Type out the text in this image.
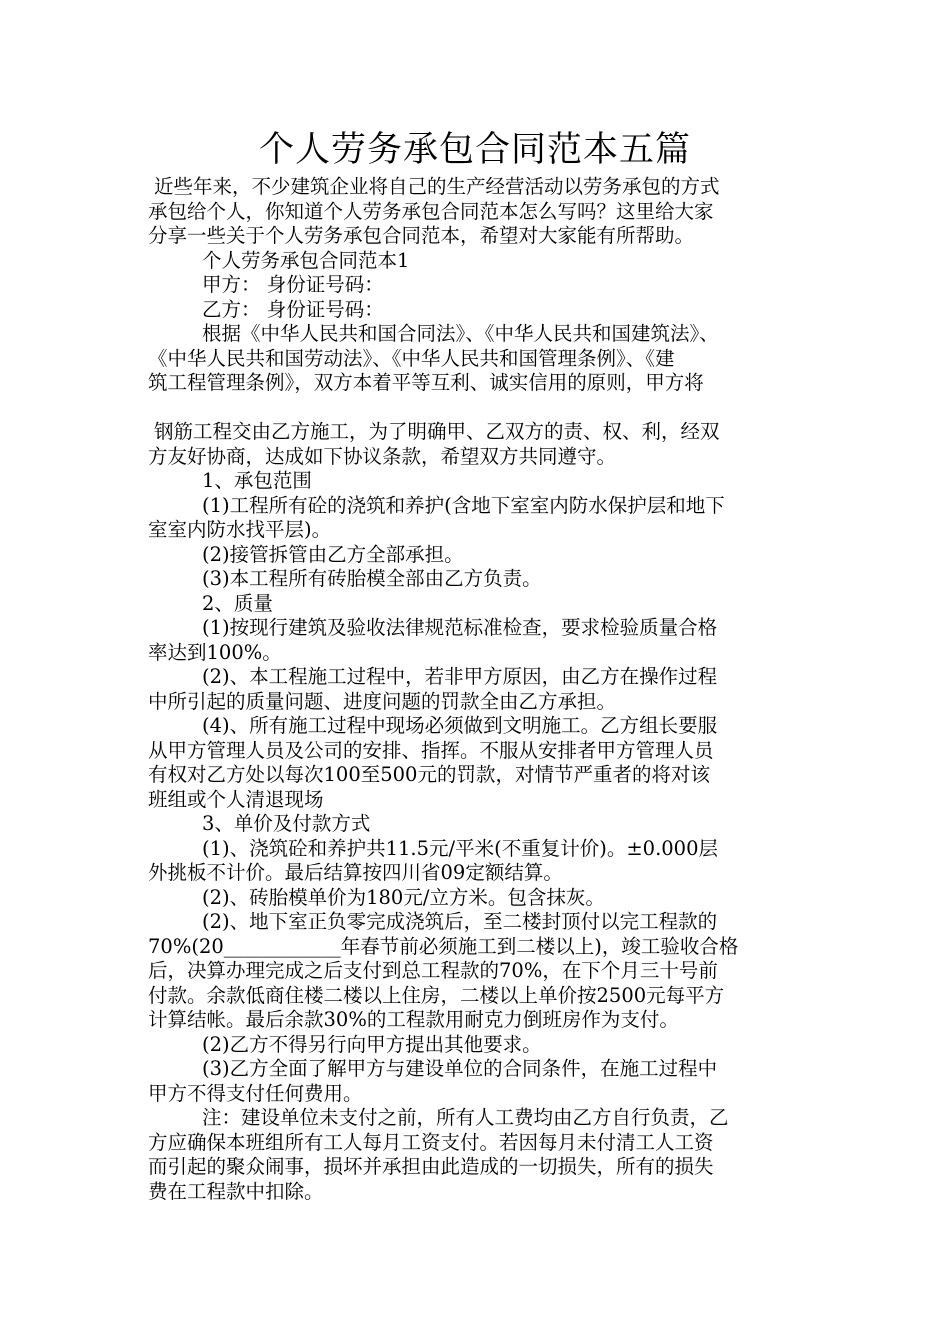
个人劳务承包合同范本五篇

近些年来，不少建筑企业将自己的生产经营活动以劳务承包的方式

承包给个人，你知道个人劳务承包合同范本怎么写吗？这里给大家

分享一些关于个人劳务承包合同范本，希望对大家能有所帮助。

个人劳务承包合同范本1

甲方： 身份证号码：

乙方： 身份证号码：

根据《中华人民共和国合同法》、《中华人民共和国建筑法》、

《中华人民共和国劳动法》、《中华人民共和国管理条例》、《建

筑工程管理条例》，双方本着平等互利、诚实信用的原则，甲方将

钢筋工程交由乙方施工，为了明确甲、乙双方的责、权、利，经双

方友好协商，达成如下协议条款，希望双方共同遵守。

1、承包范围

(1)工程所有砼的浇筑和养护(含地下室室内防水保护层和地下

室室内防水找平层)。

(2)接管拆管由乙方全部承担。

(3)本工程所有砖胎模全部由乙方负责。

2、质量

(1)按现行建筑及验收法律规范标准检查，要求检验质量合格

率达到100%。

(2)、本工程施工过程中，若非甲方原因，由乙方在操作过程

中所引起的质量问题、进度问题的罚款全由乙方承担。

(4)、所有施工过程中现场必须做到文明施工。乙方组长要服

从甲方管理人员及公司的安排、指挥。不服从安排者甲方管理人员

有权对乙方处以每次100至500元的罚款，对情节严重者的将对该

班组或个人清退现场

3、单价及付款方式

(1)、浇筑砼和养护共11.5元/平米(不重复计价)。±0.000层

外挑板不计价。最后结算按四川省09定额结算。

(2)、砖胎模单价为180元/立方米。包含抹灰。

(2)、地下室正负零完成浇筑后，至二楼封顶付以完工程款的

70%(20____________年春节前必须施工到二楼以上)，竣工验收合格

后，决算办理完成之后支付到总工程款的70%，在下个月三十号前

付款。余款低商住楼二楼以上住房，二楼以上单价按2500元每平方

计算结帐。最后余款30%的工程款用耐克力倒班房作为支付。

(2)乙方不得另行向甲方提出其他要求。

(3)乙方全面了解甲方与建设单位的合同条件，在施工过程中

甲方不得支付任何费用。

注：建设单位未支付之前，所有人工费均由乙方自行负责，乙

方应确保本班组所有工人每月工资支付。若因每月未付清工人工资

而引起的聚众闹事，损坏并承担由此造成的一切损失，所有的损失

费在工程款中扣除。
